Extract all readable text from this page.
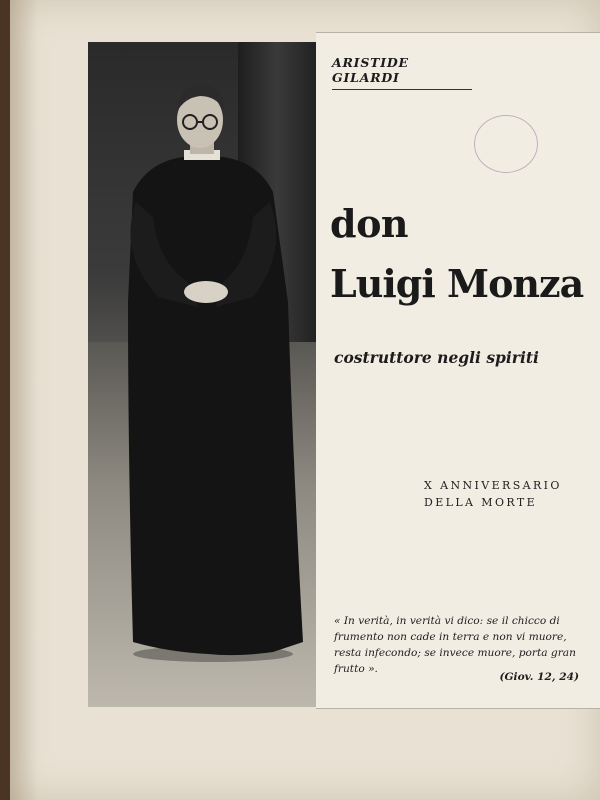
ARISTIDE GILARDI
don
Luigi Monza
costruttore negli spiriti
X ANNIVERSARIO
DELLA MORTE
« In verità, in verità vi dico: se il chicco di frumento non cade in terra e non vi muore, resta infecondo; se invece muore, porta gran frutto ».
(Giov. 12, 24)
